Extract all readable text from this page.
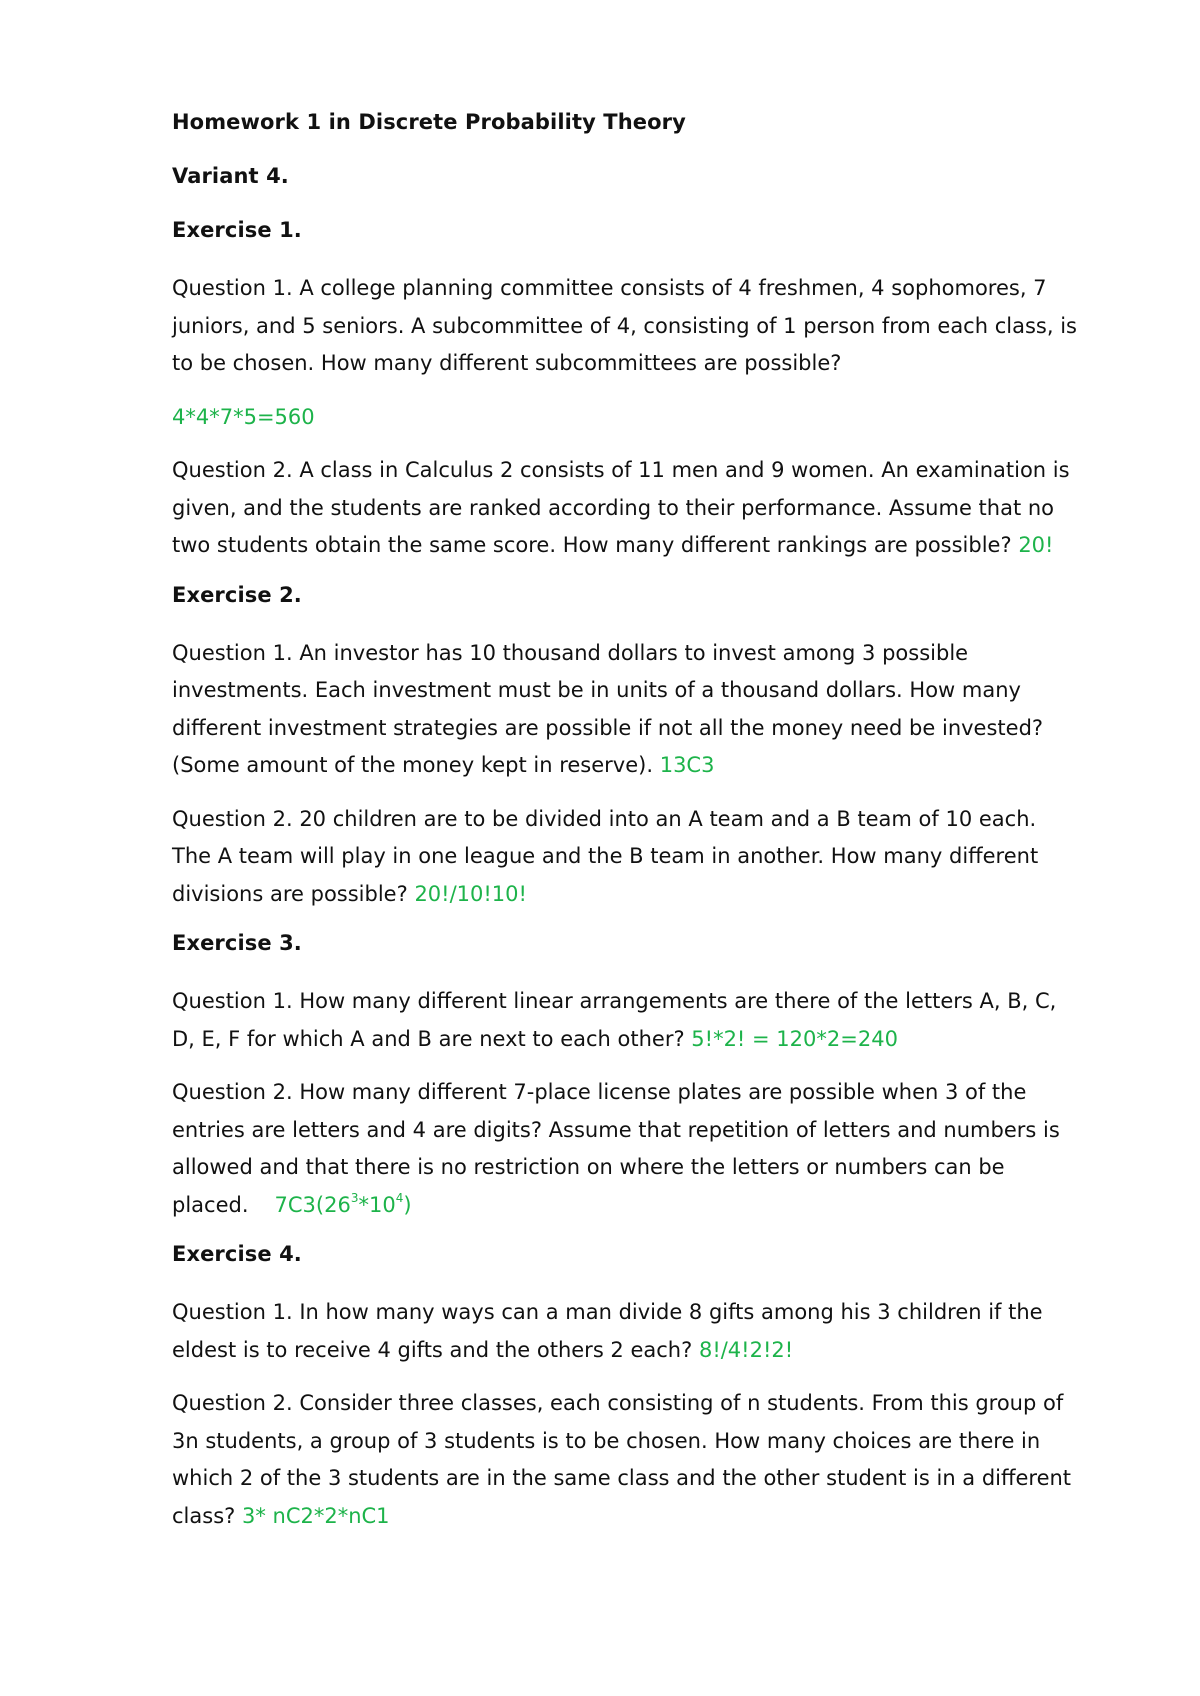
Homework 1 in Discrete Probability Theory
Variant 4.
Exercise 1.

Question 1. A college planning committee consists of 4 freshmen, 4 sophomores, 7 juniors, and 5 seniors. A subcommittee of 4, consisting of 1 person from each class, is to be chosen. How many different subcommittees are possible?

4*4*7*5=560

Question 2. A class in Calculus 2 consists of 11 men and 9 women. An examination is given, and the students are ranked according to their performance. Assume that no two students obtain the same score. How many different rankings are possible? 20!

Exercise 2.

Question 1. An investor has 10 thousand dollars to invest among 3 possible investments. Each investment must be in units of a thousand dollars. How many different investment strategies are possible if not all the money need be invested? (Some amount of the money kept in reserve). 13C3

Question 2. 20 children are to be divided into an A team and a B team of 10 each. The A team will play in one league and the B team in another. How many different divisions are possible? 20!/10!10!

Exercise 3.

Question 1. How many different linear arrangements are there of the letters A, B, C, D, E, F for which A and B are next to each other? 5!*2! = 120*2=240

Question 2. How many different 7-place license plates are possible when 3 of the entries are letters and 4 are digits? Assume that repetition of letters and numbers is allowed and that there is no restriction on where the letters or numbers can be placed. $7C3(26^3*10^4)$

Exercise 4.

Question 1. In how many ways can a man divide 8 gifts among his 3 children if the eldest is to receive 4 gifts and the others 2 each? 8!/4!2!2!

Question 2. Consider three classes, each consisting of n students. From this group of 3n students, a group of 3 students is to be chosen. How many choices are there in which 2 of the 3 students are in the same class and the other student is in a different class? 3* nC2*2*nC1
